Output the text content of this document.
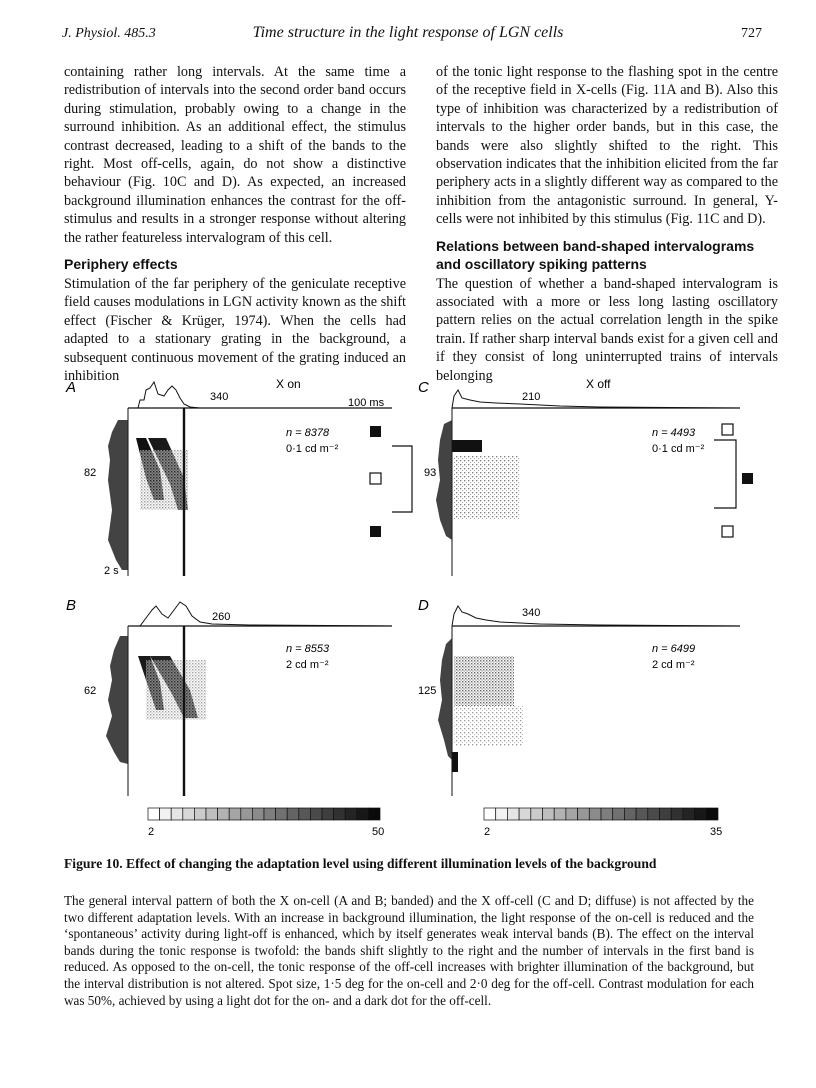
J. Physiol. 485.3	Time structure in the light response of LGN cells	727

containing rather long intervals. At the same time a redistribution of intervals into the second order band occurs during stimulation, probably owing to a change in the surround inhibition. As an additional effect, the stimulus contrast decreased, leading to a shift of the bands to the right. Most off-cells, again, do not show a distinctive behaviour (Fig. 10C and D). As expected, an increased background illumination enhances the contrast for the off-stimulus and results in a stronger response without altering the rather featureless intervalogram of this cell.

Periphery effects

Stimulation of the far periphery of the geniculate receptive field causes modulations in LGN activity known as the shift effect (Fischer & Krüger, 1974). When the cells had adapted to a stationary grating in the background, a subsequent continuous movement of the grating induced an inhibition

of the tonic light response to the flashing spot in the centre of the receptive field in X-cells (Fig. 11A and B). Also this type of inhibition was characterized by a redistribution of intervals to the higher order bands, but in this case, the bands were also slightly shifted to the right. This observation indicates that the inhibition elicited from the far periphery acts in a slightly different way as compared to the inhibition from the antagonistic surround. In general, Y-cells were not inhibited by this stimulus (Fig. 11C and D).

Relations between band-shaped intervalograms and oscillatory spiking patterns

The question of whether a band-shaped intervalogram is associated with a more or less long lasting oscillatory pattern relies on the actual correlation length in the spike train. If rather sharp interval bands exist for a given cell and if they consist of long uninterrupted trains of intervals belonging

A	X on
340	100 ms
82
2 s
n = 8378
0·1 cd m⁻²
B
260
62
n = 8553
2 cd m⁻²
C	X off
210
93
n = 4493
0·1 cd m⁻²
D	340
125
n = 6499
2 cd m⁻²
2	50	2	35
Figure 10. Effect of changing the adaptation level using different illumination levels of the background
The general interval pattern of both the X on-cell (A and B; banded) and the X off-cell (C and D; diffuse) is not affected by the two different adaptation levels. With an increase in background illumination, the light response of the on-cell is reduced and the ‘spontaneous’ activity during light-off is enhanced, which by itself generates weak interval bands (B). The effect on the interval bands during the tonic response is twofold: the bands shift slightly to the right and the number of intervals in the first band is reduced. As opposed to the on-cell, the tonic response of the off-cell increases with brighter illumination of the background, but the interval distribution is not altered. Spot size, 1·5 deg for the on-cell and 2·0 deg for the off-cell. Contrast modulation for each was 50%, achieved by using a light dot for the on- and a dark dot for the off-cell.
